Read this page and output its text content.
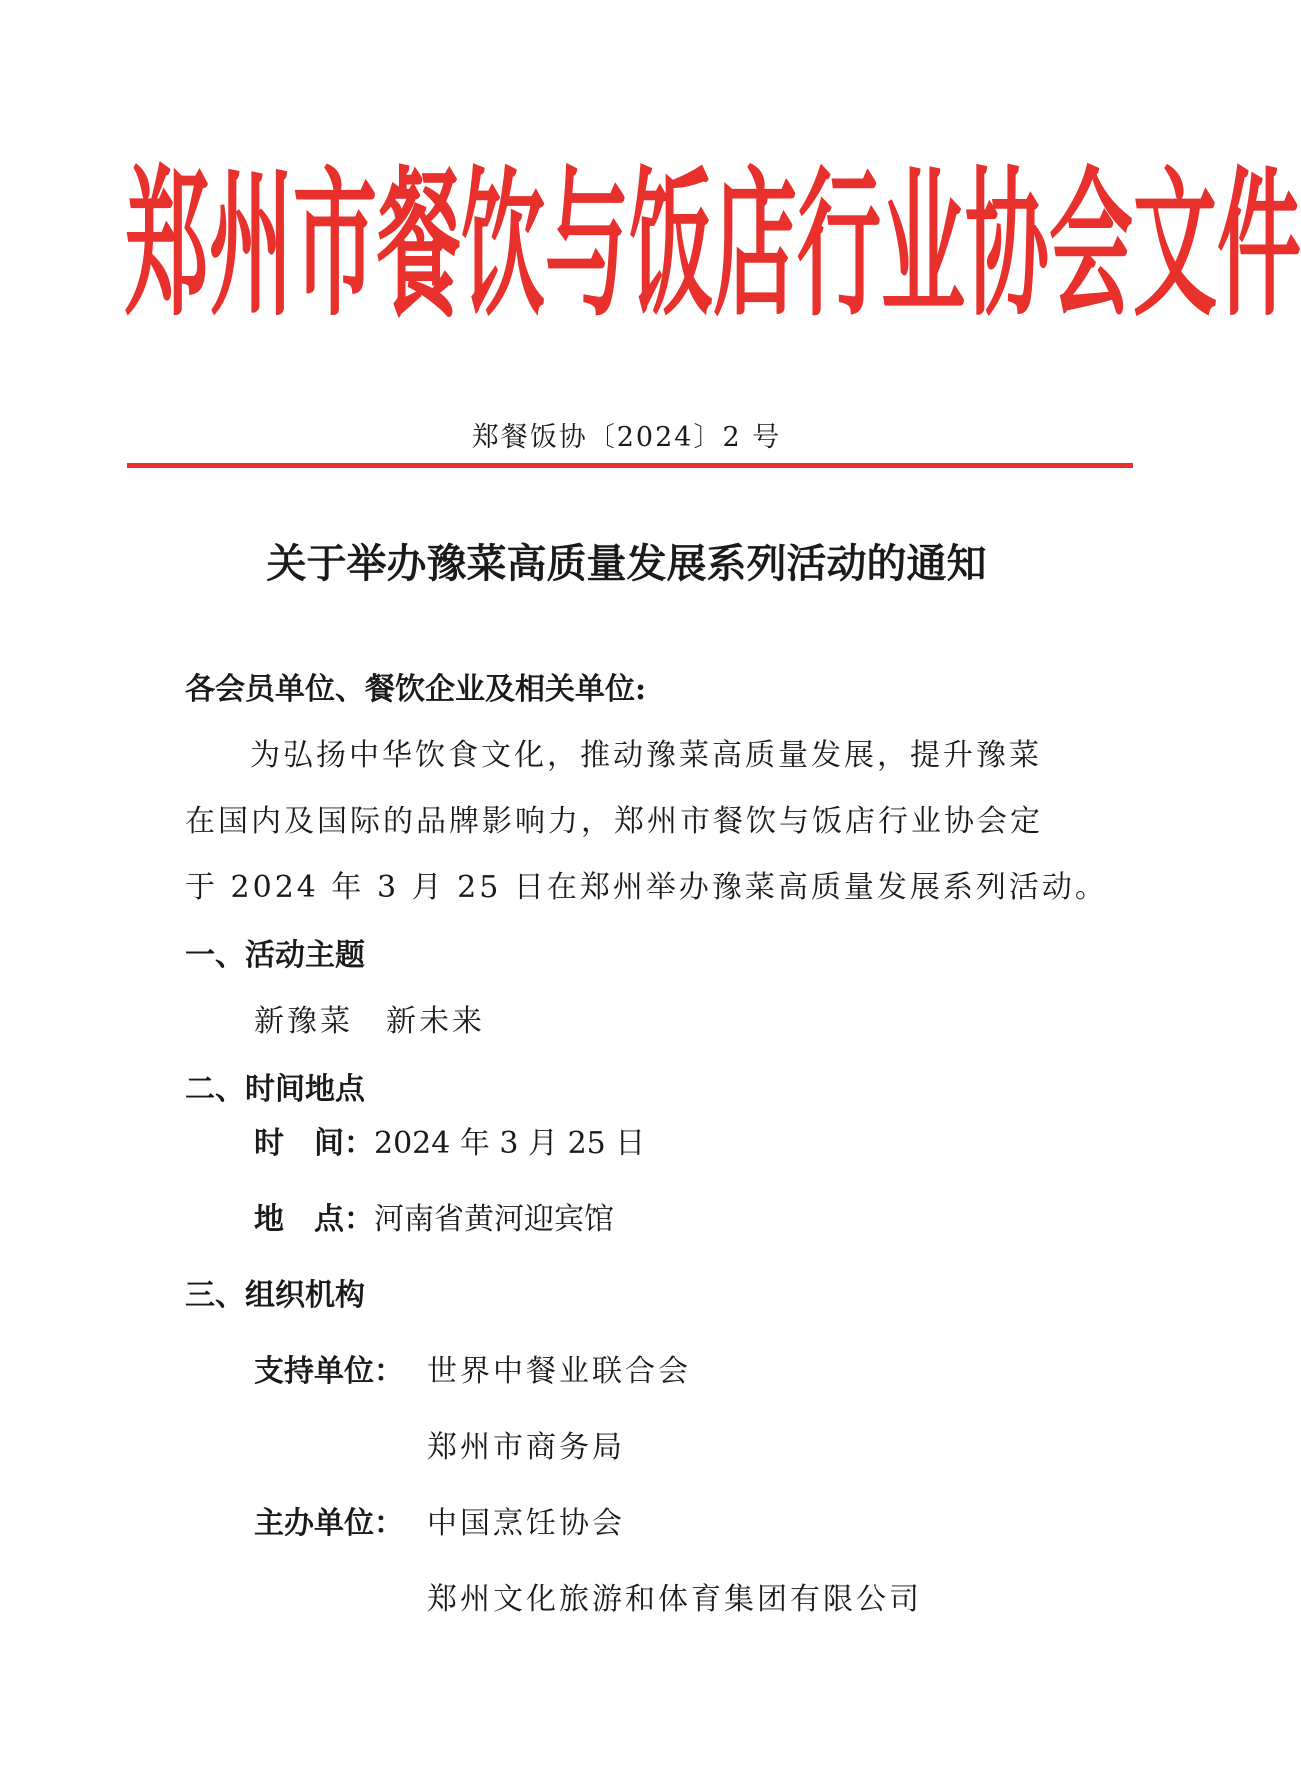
郑州市餐饮与饭店行业协会文件
郑餐饭协〔2024〕2 号
关于举办豫菜高质量发展系列活动的通知
各会员单位、餐饮企业及相关单位:
为弘扬中华饮食文化，推动豫菜高质量发展，提升豫菜
在国内及国际的品牌影响力，郑州市餐饮与饭店行业协会定
于 2024 年 3 月 25 日在郑州举办豫菜高质量发展系列活动。
一、活动主题
新豫菜　新未来
二、时间地点
时　间：2024 年 3 月 25 日
地　点：河南省黄河迎宾馆
三、组织机构
支持单位： 世界中餐业联合会
郑州市商务局
主办单位： 中国烹饪协会
郑州文化旅游和体育集团有限公司
